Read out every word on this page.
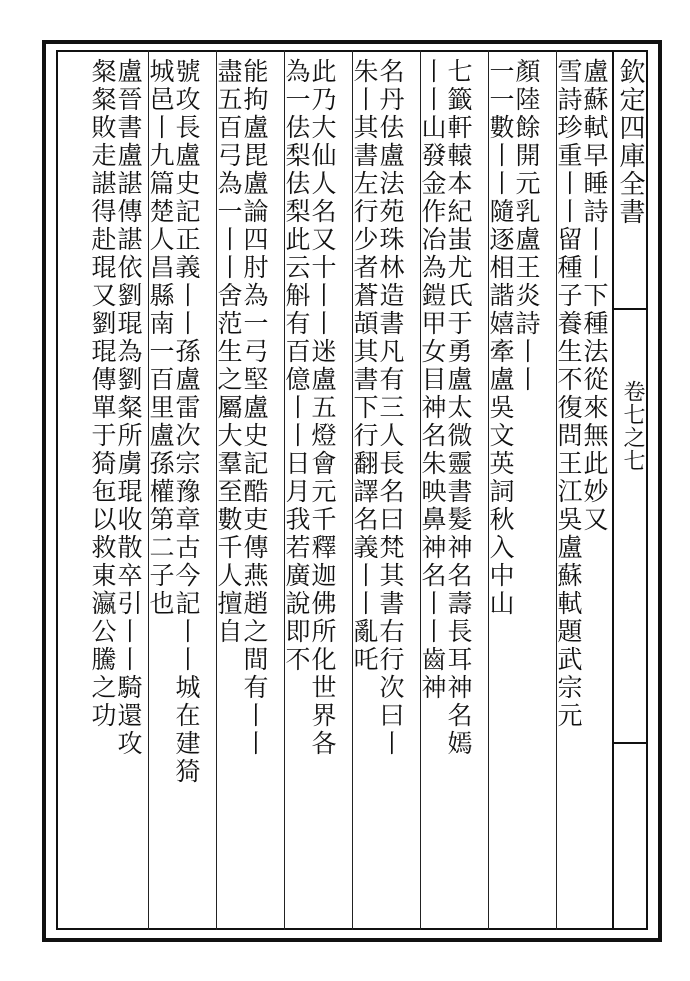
欽定四庫全書
卷七之七
盧蘇軾早睡詩丨丨下種法從來無此妙又
雪詩珍重丨丨留種子養生不復問王江吳盧蘇軾題武宗元
顏陸餘開元乳盧王炎詩丨丨
一一數丨丨隨逐相諧嬉牽盧吳文英詞秋入中山
七籤軒轅本紀蚩尤氏于勇盧太微靈書髮神名壽長耳神名嫣
丨丨山發金作冶為鎧甲女目神名朱映鼻神名丨丨齒神
名丹佉盧法苑珠林造書凡有三人長名曰梵其書右行次曰丨
朱丨其書左行少者蒼頡其書下行翻譯名義丨丨亂吒
此乃大仙人名又十丨丨迷盧五燈會元千釋迦佛所化世界各
為一佉梨佉梨此云斛有百億丨丨日月我若廣說即不
能拘盧毘盧論四肘為一弓堅盧史記酷吏傳燕趙之間有丨丨
盡五百弓為一丨丨舍范生之屬大羣至數千人擅自
號攻長盧史記正義丨丨孫盧雷次宗豫章古今記丨丨城在建猗
城邑丨九篇楚人昌縣南一百里盧孫權第二子也
盧晉書盧諶傳諶依劉琨為劉粲所虜琨收散卒引丨丨騎還攻
粲粲敗走諶得赴琨又劉琨傳單于猗㐌以救東瀛公騰之功
